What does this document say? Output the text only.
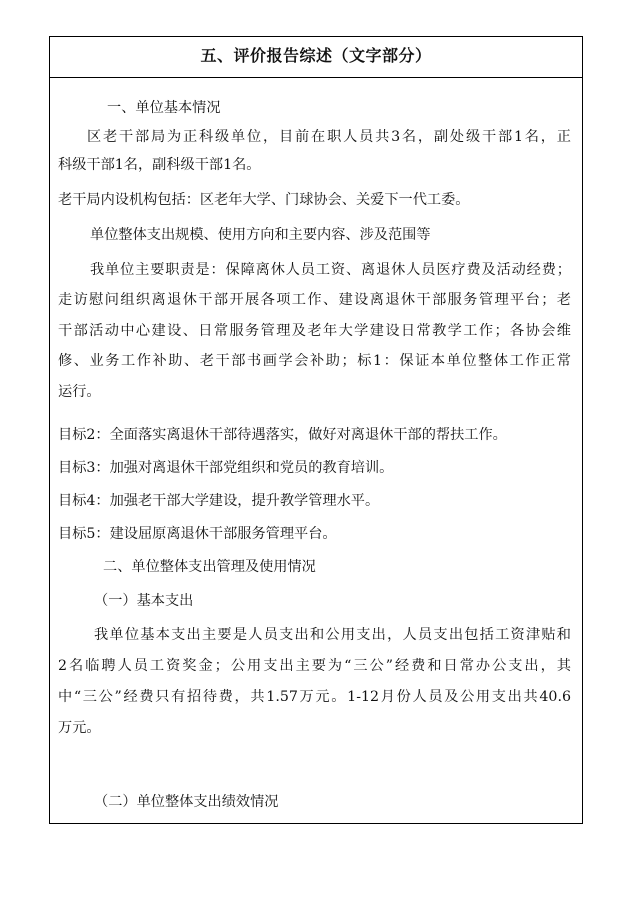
五、评价报告综述（文字部分）
一、单位基本情况
区老干部局为正科级单位，目前在职人员共3名，副处级干部1名，正
科级干部1名，副科级干部1名。
老干局内设机构包括：区老年大学、门球协会、关爱下一代工委。
单位整体支出规模、使用方向和主要内容、涉及范围等
我单位主要职责是：保障离休人员工资、离退休人员医疗费及活动经费；
走访慰问组织离退休干部开展各项工作、建设离退休干部服务管理平台；老
干部活动中心建设、日常服务管理及老年大学建设日常教学工作；各协会维
修、业务工作补助、老干部书画学会补助；标1：保证本单位整体工作正常
运行。
目标2：全面落实离退休干部待遇落实，做好对离退休干部的帮扶工作。
目标3：加强对离退休干部党组织和党员的教育培训。
目标4：加强老干部大学建设，提升教学管理水平。
目标5：建设屈原离退休干部服务管理平台。
二、单位整体支出管理及使用情况
（一）基本支出
我单位基本支出主要是人员支出和公用支出，人员支出包括工资津贴和
2名临聘人员工资奖金；公用支出主要为“三公”经费和日常办公支出，其
中“三公”经费只有招待费，共1.57万元。1-12月份人员及公用支出共40.6
万元。
（二）单位整体支出绩效情况
